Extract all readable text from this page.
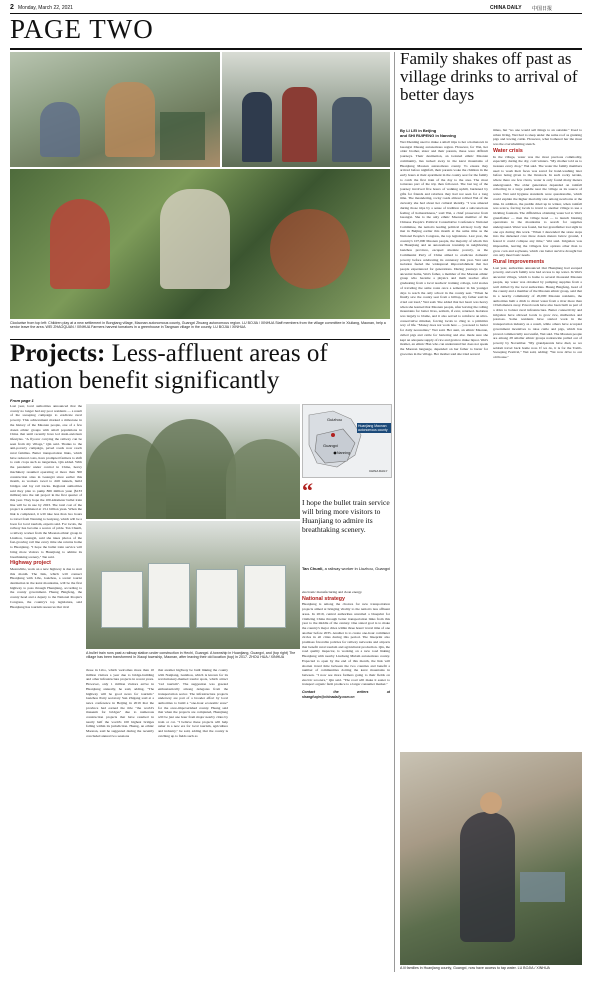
2 Monday, March 22, 2021	CHINA DAILY 中国日报
PAGE TWO
Clockwise from top left: Children play at a new settlement in Bongtang village, Maonan autonomous county, Guangxi Zhuang autonomous region. LU BOJIA / XINHUA Staff members from the village committee in Xiuliang, Maonan, help a senior leave the area. WEI ZHAOQUAN / XINHUA Farmers harvest tomatoes in a greenhouse in Tangwan village in the county. LU BOJIA / XINHUA
Family shakes off past as village drinks to arrival of better days
By LI LEI in Beijing
and SHI RUIPENG in Nanning
Wei Zhenting used to make a small trips to her a hometown in Guangxi Zhuang autonomous region. However, for Wei, her older brother, sister and their parents, these were difficult journeys. Their destination, an isolated ethnic Maonan community, lies tucked away in the karst mountains of Huanjiang Maonan autonomous county. To ensure they arrived before nightfall, their parents woke the children in the early hours at their apartment in the county seat for the family to catch the first train of the day to the area. The most torturous part of the trip then followed. The last leg of the journey involved five hours of walking uphill, burdened by gifts for friends and relatives they had not seen for a long time. The meandering, rocky roads almost robbed Wei of the curiosity she had about her cultural identity. "I was amazed during those trips by a sense of tradition and a subconscious feeling of homesickness," said Wei, a chief prosecutor from Guangxi. She is the only ethnic Maonan member of the Chinese People's Political Consultative Conference National Committee, the nation's leading political advisory body that met in Beijing earlier this month at the same time as the National People's Congress, the top legislature. Last year, the country's 107,000 Maonan people, the majority of whom live in Huanjiang and an autonomous township in neighboring Guizhou province, escaped absolute poverty, as the Communist Party of China aimed to eradicate domestic poverty before celebrating its centenary this year. Wei said isolation fueled the widespread impoverishment that her people experienced for generations. During journeys to the ancestral home, Wei's father, a member of the Maonan ethnic group who became a physics and math teacher after graduating from a local teachers' training college, told stories of traveling the same route once a semester in his younger days to reach the only school in the county seat. "When he finally saw the county seat from a hilltop, my father said he cried out loud," Wei said. She added that her heart was heavy when she learned that Maonan people, after leaving the rolling mountains for better lives, seldom, if ever, returned. Isolation was largely to blame, and it also served to reinforce an ultra-conservative mindset, forcing locals to cling to a primitive way of life. "Money does not work here — you need to barter for daily necessities," Wei said. Her aunt, an ethnic Maonan, culled pigs and cattle for bartering and also made sure she kept an adequate supply of rice and grain to make liquor. Wei's mother, an ethnic Han who can understand but does not speak the Maonan language, depended on her father to barter for groceries in the village. Her mother said she tried several
times, but "no one would sell things to an outsider." Used to urban living, Wei had to sleep under the same roof as grunting pigs and lowing cattle. However, what bothered her the most was the overwhelming stench.
Water crisis
In the village, water was the most precious commodity, especially during the dry, cold winters. "My mother told us to treasure every drop," Wei said. The water the family members used to wash their faces was saved for hand-washing later before being given to the livestock. In such rocky terrain, where there are few rivers, water is only found many meters underground. The older generation depended on rainfall collecting in a large puddle near the village as its source of water. Wei said hygiene standards were questionable, which could explain the higher mortality rate among newborns at the time. In addition, the puddle dried up in winter, when rainfall was scarce, forcing locals to travel to another village to use a trickling fountain. The difficulties obtaining water led to Wei's grandfather — then the village head — to launch blasting operations in the mountains to search for supplies underground. Water was found, but her grandfather lost sight in one eye during this work. "When I descended the stone steps into the darkened cave three dozen meters below ground, I feared it could collapse any time," Wei said. Irrigation was impossible, leaving the villagers few options other than to grow corn and soybeans, which can better survive drought but can only meet basic needs.
Rural improvements
Last year, authorities announced that Huanjiang had escaped poverty, and each family now had access to tap water. In Wei's ancestral village, which is home to several thousand Maonan people, tap water was obtained by pumping supplies from a well drilled by the local authorities. Huang Bingfeng, head of the county and a member of the Maonan ethnic group, said that in a nearby community of 20,000 Maonan residents, the authorities built a ditch to divert water from a river more than 10 kilometers away. Paved roads have also been built as part of a drive to bolster rural infrastructure. Better connectivity and irrigation have allowed locals to grow rice, mulberries and potatoes. Some residents have started work in the transportation industry as a result, while others have accepted government incentives to raise cattle and pigs, which has proved commercially successful, Wei said. The Maonan people are among 28 smaller ethnic groups nationwide pulled out of poverty by November. "My grandparents have died, so we seldom travel back home now. If we do, it is for the Tomb-Sweeping Festival," Wei said, adding: "We now drive to our old house."
A lil families in Huanjiang county, Guangxi, now have access to tap water. LU BOJIA / XINHUA
Projects: Less-affluent areas of nation benefit significantly
From page 1
Last year, local authorities announced that the county no longer had any poor residents — a result of the sweeping campaign to eradicate rural poverty. This achievement marked a milestone in the history of the Maonan people, one of a few dozen ethnic groups with small populations in China that until recently have led slash-and-burn lifestyles. "A flyover carrying the railway can be seen from my village," Qin said. Thanks to the anti-poverty campaign, paved roads now reach rural families. Better transportation links, which have reduced costs, have prompted farmers to shift to cash crops such as tangerines, Qin added. With the pandemic under control in China, heavy machinery resumed operating at more than 300 construction sites in Guangxi since earlier this month, as workers raced to drill tunnels, build bridges and lay rail tracks. Regional authorities said they plan to pump 866 million yuan ($133 million) into the rail project in the first quarter of this year. They hope the 100-kilometer bullet train line will be in use by 2023. The total cost of the project is estimated at 13.1 billion yuan. When the link is completed, it will take less than two hours to travel from Nanning to Guiyang, which will be a boon for local tourism, experts said. For locals, the railway has become a source of pride. Tan Chunli, a railway worker from the Maonan ethnic group in Liuzhou, Guangxi, said she takes photos of the fast-growing rail line every time she returns home to Huanjiang. "I hope the bullet train service will bring more visitors to Huanjiang to admire its breathtaking scenery," Tan said.
Highway project
Meanwhile, work on a new highway is due to start this month. The link, which will connect Huanjiang with Libo, Guizhou, a scenic tourist destination in the karst mountains, will be the first highway to pass through Huanjiang, according to the county government. Huang Bingfeng, the county head and a deputy to the National People's Congress, the country's top legislature, said Huanjiang has tourism resources that rival
A bullet train runs past a railway station under construction in Hechi, Guangxi. A township in Huanjiang, Guangxi, and (top right) The village has been transformed in Xiaoqi township, Maonan, after leaving their old location (top) in 2017. ZHOU HUA / XINHUA
Guizhou
Guangxi
Nanning
Huanjiang Maonan autonomous county
CHINA DAILY
“
I hope the bullet train service will bring more visitors to Huanjiang to admire its breathtaking scenery.
Tan Chunli, a railway worker in Liuzhou, Guangxi
those in Libo, which welcomes more than 10 million visitors a year due to bridge-building and other infrastructure projects in recent years. However, only 1 million visitors arrive in Huanjiang annually, he said, adding, "The highway will be good news for tourism." Guizhou Party secretary Sun Zhigang said at a news conference in Beijing in 2019 that the province had earned the title "the world's museum for bridges" due to numerous construction projects that have resulted in nearly half the world's 100 highest bridges falling within its jurisdiction. Huang, an ethnic Maonan, said he suggested during the recently concluded annual two sessions
that another highway be built linking the county with Nanjiang, Guizhou, which is known for its revolutionary-themed tourist spots, which attract "red tourism". The suggestion was greeted enthusiastically among delegates from the transportation sector. The infrastructure projects underway are part of a broader effort by local authorities to build a "one-hour economic zone" for the once-impoverished county. Huang said that when the projects are completed, Huanjiang will be just one hour from major nearby cities by train or car. "I believe these projects will help usher in a new era for local tourism, agriculture and industry," he said, adding that the county is catching up to fields such as
electronic manufacturing and clean energy.
National strategy
Huanjiang is among the choices for new transportation projects aimed at bringing vitality to the nation's less affluent areas. In 2019, central authorities unveiled a blueprint for vitalizing China through better transportation links from this year to the middle of the century. One stated goal is to make the country's major cities within three hours' travel time of one another before 2035. Another is to create one-hour commuter circles in all cities during this period. The blueprint also promises favorable policies for railway networks and airports that benefit rural tourism and agricultural production. Qin, the road quality inspector, is working on a new road linking Huanjiang with nearby Liucheng Mulam autonomous county. Expected to open by the end of this month, the link will shorten travel time between the two counties and benefit a number of communities dotting the karst mountains in between. "I now see more farmers going to their fields on electric scooters," Qin said. "The road will make it easier to transport organic farm produce to a larger consumer market."
Contact the writers at shangfuqin@chinadaily.com.cn
